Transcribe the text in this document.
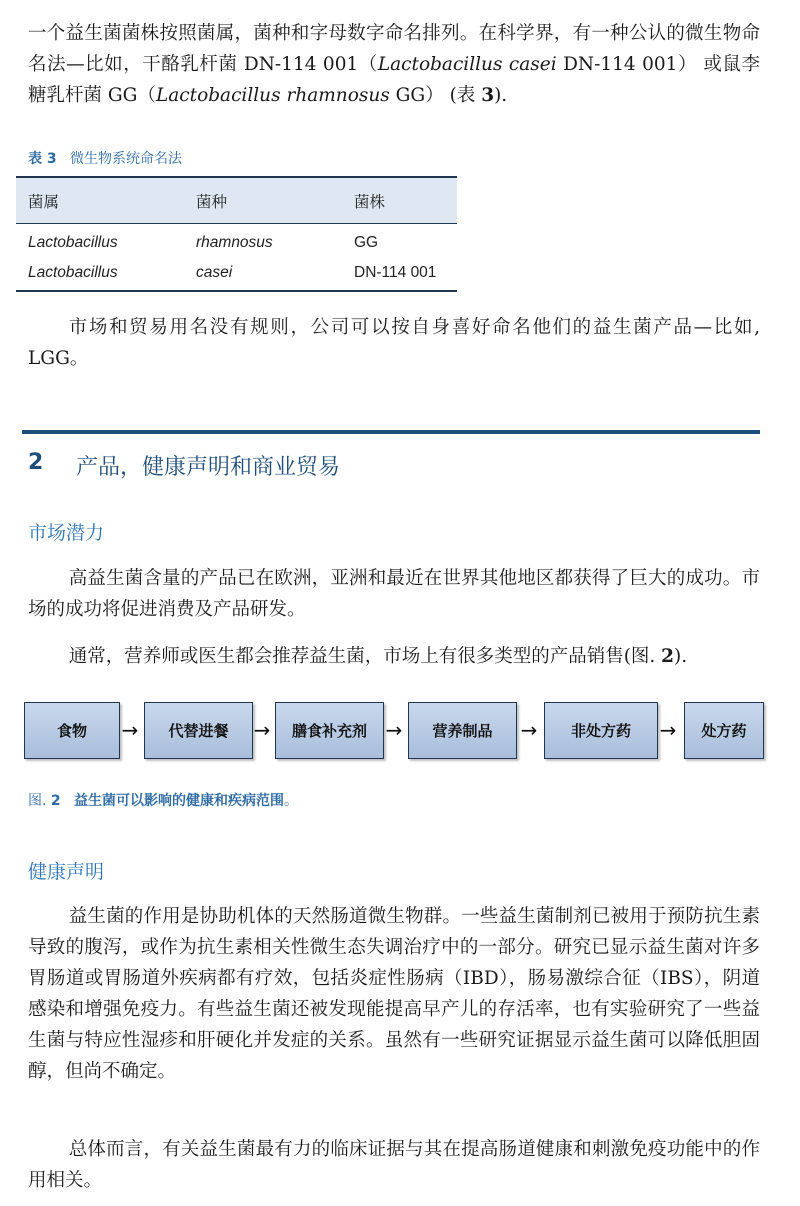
一个益生菌菌株按照菌属，菌种和字母数字命名排列。在科学界，有一种公认的微生物命名法—比如，干酪乳杆菌 DN-114 001（Lactobacillus casei DN-114 001） 或鼠李糖乳杆菌 GG（Lactobacillus rhamnosus GG） (表 3).

表 3 微生物系统命名法
菌属	菌种	菌株
Lactobacillus	rhamnosus	GG
Lactobacillus	casei	DN-114 001

市场和贸易用名没有规则，公司可以按自身喜好命名他们的益生菌产品—比如, LGG。

2 产品，健康声明和商业贸易
市场潜力

高益生菌含量的产品已在欧洲，亚洲和最近在世界其他地区都获得了巨大的成功。市场的成功将促进消费及产品研发。

通常，营养师或医生都会推荐益生菌，市场上有很多类型的产品销售(图. 2).

食物	→	代替进餐	→	膳食补充剂 →	营养制品	→	非处方药	→	处方药
图. 2 益生菌可以影响的健康和疾病范围。
健康声明

益生菌的作用是协助机体的天然肠道微生物群。一些益生菌制剂已被用于预防抗生素导致的腹泻，或作为抗生素相关性微生态失调治疗中的一部分。研究已显示益生菌对许多胃肠道或胃肠道外疾病都有疗效，包括炎症性肠病（IBD），肠易激综合征（IBS），阴道感染和增强免疫力。有些益生菌还被发现能提高早产儿的存活率，也有实验研究了一些益生菌与特应性湿疹和肝硬化并发症的关系。虽然有一些研究证据显示益生菌可以降低胆固醇，但尚不确定。

总体而言，有关益生菌最有力的临床证据与其在提高肠道健康和刺激免疫功能中的作用相关。
